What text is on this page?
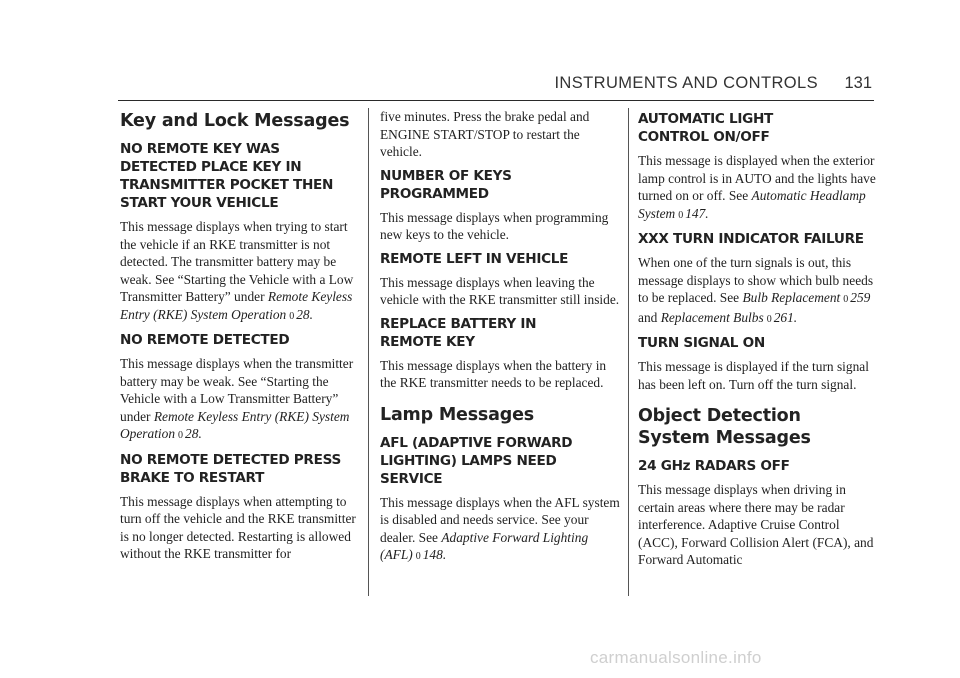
INSTRUMENTS AND CONTROLS 131
Key and Lock Messages
NO REMOTE KEY WAS DETECTED PLACE KEY IN TRANSMITTER POCKET THEN START YOUR VEHICLE

This message displays when trying to start the vehicle if an RKE transmitter is not detected. The transmitter battery may be weak. See “Starting the Vehicle with a Low Transmitter Battery” under Remote Keyless Entry (RKE) System Operation 0 28.

NO REMOTE DETECTED

This message displays when the transmitter battery may be weak. See “Starting the Vehicle with a Low Transmitter Battery” under Remote Keyless Entry (RKE) System Operation 0 28.

NO REMOTE DETECTED PRESS BRAKE TO RESTART

This message displays when attempting to turn off the vehicle and the RKE transmitter is no longer detected. Restarting is allowed without the RKE transmitter for

five minutes. Press the brake pedal and ENGINE START/STOP to restart the vehicle.

NUMBER OF KEYS PROGRAMMED

This message displays when programming new keys to the vehicle.

REMOTE LEFT IN VEHICLE

This message displays when leaving the vehicle with the RKE transmitter still inside.

REPLACE BATTERY IN REMOTE KEY

This message displays when the battery in the RKE transmitter needs to be replaced.

Lamp Messages
AFL (ADAPTIVE FORWARD LIGHTING) LAMPS NEED SERVICE

This message displays when the AFL system is disabled and needs service. See your dealer. See Adaptive Forward Lighting (AFL) 0 148.

AUTOMATIC LIGHT CONTROL ON/OFF

This message is displayed when the exterior lamp control is in AUTO and the lights have turned on or off. See Automatic Headlamp System 0 147.

XXX TURN INDICATOR FAILURE

When one of the turn signals is out, this message displays to show which bulb needs to be replaced. See Bulb Replacement 0 259 and Replacement Bulbs 0 261.

TURN SIGNAL ON

This message is displayed if the turn signal has been left on. Turn off the turn signal.

Object Detection System Messages
24 GHz RADARS OFF

This message displays when driving in certain areas where there may be radar interference. Adaptive Cruise Control (ACC), Forward Collision Alert (FCA), and Forward Automatic

carmanualsonline.info
